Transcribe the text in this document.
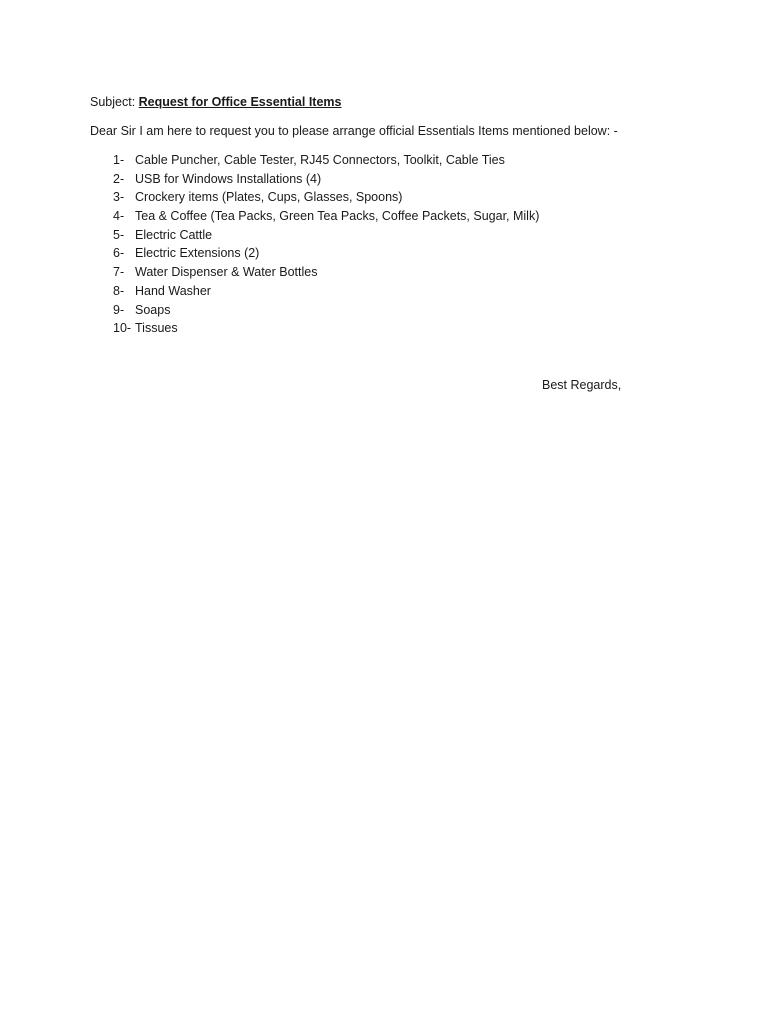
Subject: Request for Office Essential Items
Dear Sir I am here to request you to please arrange official Essentials Items mentioned below: -
1- Cable Puncher, Cable Tester, RJ45 Connectors, Toolkit, Cable Ties
2- USB for Windows Installations (4)
3- Crockery items (Plates, Cups, Glasses, Spoons)
4- Tea & Coffee (Tea Packs, Green Tea Packs, Coffee Packets, Sugar, Milk)
5- Electric Cattle
6- Electric Extensions (2)
7- Water Dispenser & Water Bottles
8- Hand Washer
9- Soaps
10- Tissues
Best Regards,
